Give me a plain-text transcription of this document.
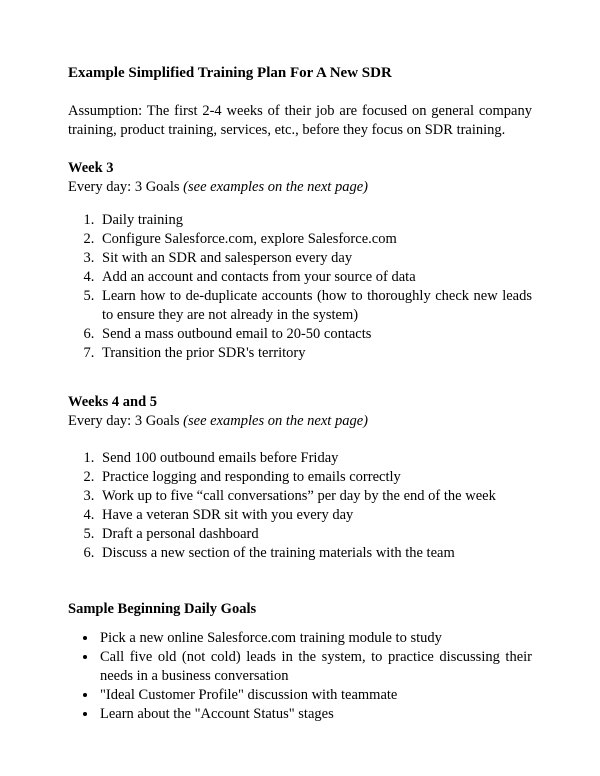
Example Simplified Training Plan For A New SDR

Assumption: The first 2-4 weeks of their job are focused on general company training, product training, services, etc., before they focus on SDR training.

Week 3

Every day: 3 Goals (see examples on the next page)

1. Daily training
2. Configure Salesforce.com, explore Salesforce.com
3. Sit with an SDR and salesperson every day
4. Add an account and contacts from your source of data
5. Learn how to de-duplicate accounts (how to thoroughly check new leads to ensure they are not already in the system)
6. Send a mass outbound email to 20-50 contacts
7. Transition the prior SDR's territory
Weeks 4 and 5

Every day: 3 Goals (see examples on the next page)

1. Send 100 outbound emails before Friday
2. Practice logging and responding to emails correctly
3. Work up to five “call conversations” per day by the end of the week
4. Have a veteran SDR sit with you every day
5. Draft a personal dashboard
6. Discuss a new section of the training materials with the team
Sample Beginning Daily Goals
• Pick a new online Salesforce.com training module to study
• Call five old (not cold) leads in the system, to practice discussing their needs in a business conversation
• "Ideal Customer Profile" discussion with teammate
• Learn about the "Account Status" stages
